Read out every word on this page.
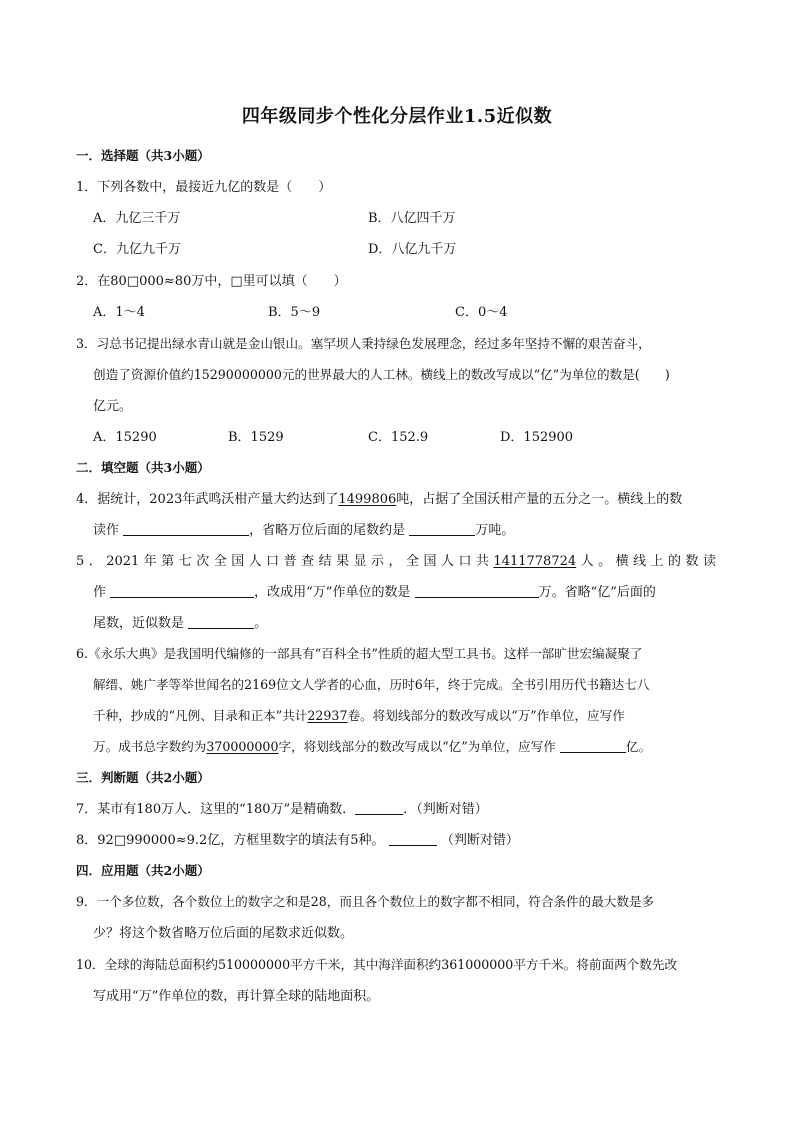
四年级同步个性化分层作业1.5近似数
一．选择题（共3小题）
1．下列各数中，最接近九亿的数是（　　）
A．九亿三千万	B．八亿四千万
C．九亿九千万	D．八亿九千万
2．在80□000≈80万中，□里可以填（　　）
A．1～4	B．5～9	C．0～4
3．习总书记提出绿水青山就是金山银山。塞罕坝人秉持绿色发展理念，经过多年坚持不懈的艰苦奋斗，
创造了资源价值约15290000000元的世界最大的人工林。横线上的数改写成以“亿”为单位的数是(　　)
亿元。
A．15290	B．1529	C．152.9	D．152900
二．填空题（共3小题）
4．据统计，2023年武鸣沃柑产量大约达到了1499806吨，占据了全国沃柑产量的五分之一。横线上的数
读作	，省略万位后面的尾数约是	万吨。
5．2021年第七次全国人口普查结果显示，全国人口共1411778724人。横线上的数读
作	，改成用“万”作单位的数是	万。省略“亿”后面的
尾数，近似数是	。
6.《永乐大典》是我国明代编修的一部具有“百科全书”性质的超大型工具书。这样一部旷世宏编凝聚了
解缙、姚广孝等举世闻名的2169位文人学者的心血，历时6年，终于完成。全书引用历代书籍达七八
千种，抄成的“凡例、目录和正本”共计22937卷。将划线部分的数改写成以“万”作单位，应写作
万。成书总字数约为370000000字，将划线部分的数改写成以“亿”为单位，应写作	亿。
三．判断题（共2小题）
7．某市有180万人．这里的“180万”是精确数．	．（判断对错）
8．92□990000≈9.2亿，方框里数字的填法有5种。	（判断对错）
四．应用题（共2小题）
9．一个多位数，各个数位上的数字之和是28，而且各个数位上的数字都不相同，符合条件的最大数是多
少？将这个数省略万位后面的尾数求近似数。
10．全球的海陆总面积约510000000平方千米，其中海洋面积约361000000平方千米。将前面两个数先改
写成用“万”作单位的数，再计算全球的陆地面积。
